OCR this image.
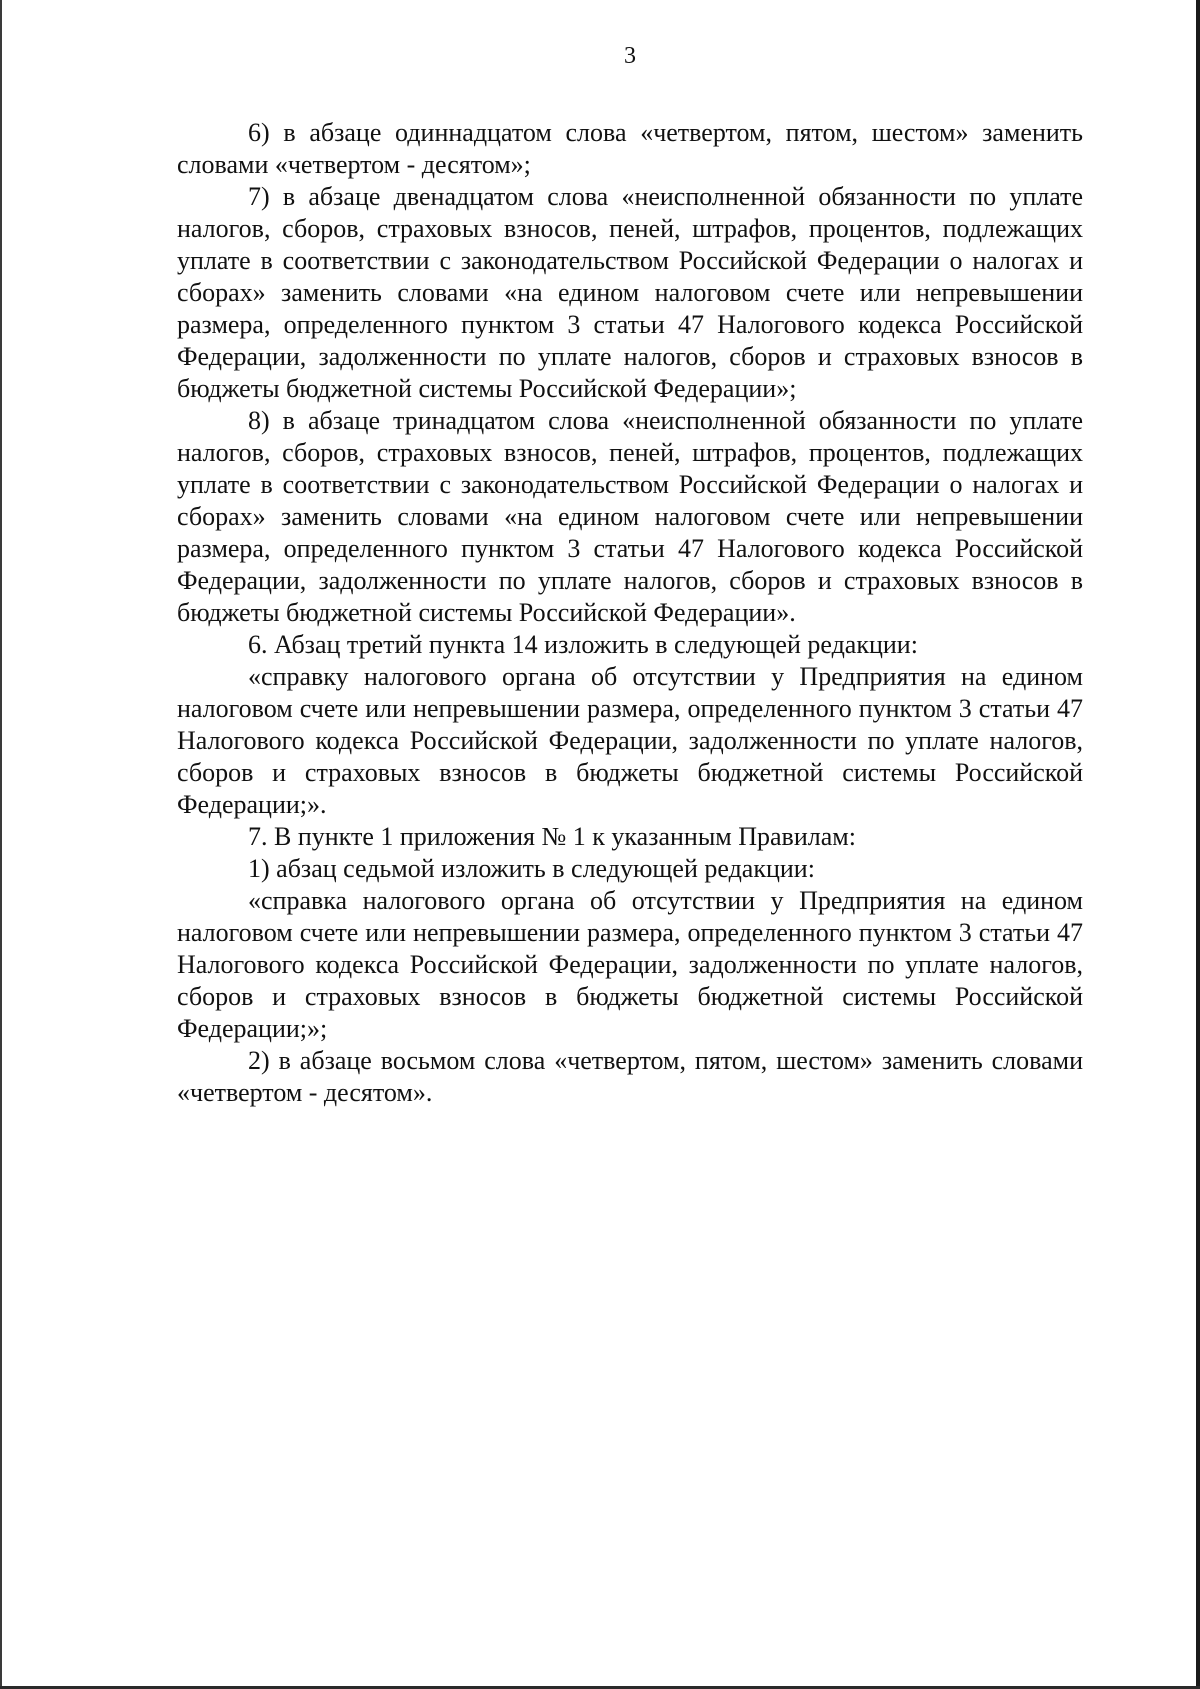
3

6) в абзаце одиннадцатом слова «четвертом, пятом, шестом» заменить словами «четвертом - десятом»;

7) в абзаце двенадцатом слова «неисполненной обязанности по уплате налогов, сборов, страховых взносов, пеней, штрафов, процентов, подлежащих уплате в соответствии с законодательством Российской Федерации о налогах и сборах» заменить словами «на едином налоговом счете или непревышении размера, определенного пунктом 3 статьи 47 Налогового кодекса Российской Федерации, задолженности по уплате налогов, сборов и страховых взносов в бюджеты бюджетной системы Российской Федерации»;

8) в абзаце тринадцатом слова «неисполненной обязанности по уплате налогов, сборов, страховых взносов, пеней, штрафов, процентов, подлежащих уплате в соответствии с законодательством Российской Федерации о налогах и сборах» заменить словами «на едином налоговом счете или непревышении размера, определенного пунктом 3 статьи 47 Налогового кодекса Российской Федерации, задолженности по уплате налогов, сборов и страховых взносов в бюджеты бюджетной системы Российской Федерации».

6. Абзац третий пункта 14 изложить в следующей редакции:

«справку налогового органа об отсутствии у Предприятия на едином налоговом счете или непревышении размера, определенного пунктом 3 статьи 47 Налогового кодекса Российской Федерации, задолженности по уплате налогов, сборов и страховых взносов в бюджеты бюджетной системы Российской Федерации;».

7. В пункте 1 приложения № 1 к указанным Правилам:

1) абзац седьмой изложить в следующей редакции:

«справка налогового органа об отсутствии у Предприятия на едином налоговом счете или непревышении размера, определенного пунктом 3 статьи 47 Налогового кодекса Российской Федерации, задолженности по уплате налогов, сборов и страховых взносов в бюджеты бюджетной системы Российской Федерации;»;

2) в абзаце восьмом слова «четвертом, пятом, шестом» заменить словами «четвертом - десятом».
